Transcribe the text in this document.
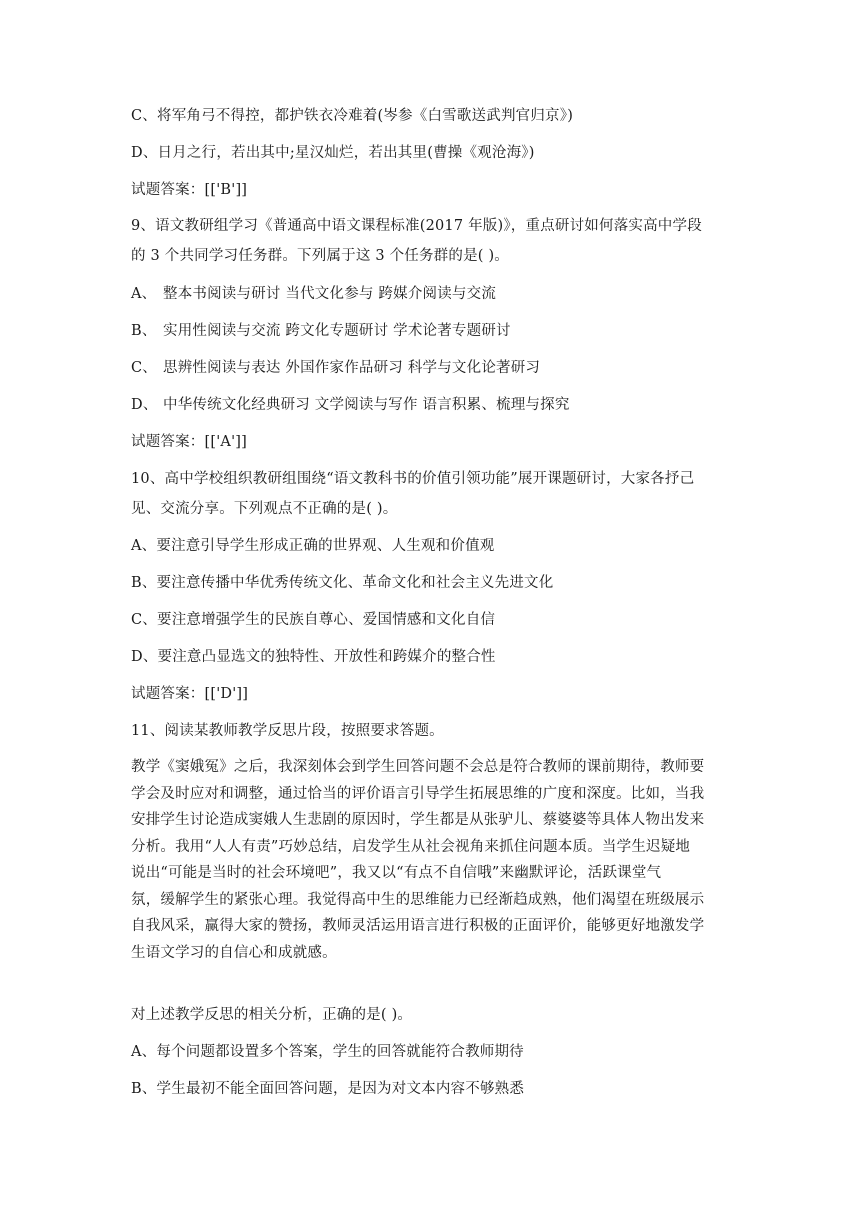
C、将军角弓不得控，都护铁衣冷难着(岑参《白雪歌送武判官归京》)
D、日月之行，若出其中;星汉灿烂，若出其里(曹操《观沧海》)
试题答案：[['B']]
9、语文教研组学习《普通高中语文课程标准(2017 年版)》，重点研讨如何落实高中学段
的 3 个共同学习任务群。下列属于这 3 个任务群的是( )。
A、 整本书阅读与研讨 当代文化参与 跨媒介阅读与交流
B、 实用性阅读与交流 跨文化专题研讨 学术论著专题研讨
C、 思辨性阅读与表达 外国作家作品研习 科学与文化论著研习
D、 中华传统文化经典研习 文学阅读与写作 语言积累、梳理与探究
试题答案：[['A']]
10、高中学校组织教研组围绕“语文教科书的价值引领功能”展开课题研讨，大家各抒己
见、交流分享。下列观点不正确的是( )。
A、要注意引导学生形成正确的世界观、人生观和价值观
B、要注意传播中华优秀传统文化、革命文化和社会主义先进文化
C、要注意增强学生的民族自尊心、爱国情感和文化自信
D、要注意凸显选文的独特性、开放性和跨媒介的整合性
试题答案：[['D']]
11、阅读某教师教学反思片段，按照要求答题。
教学《窦娥冤》之后，我深刻体会到学生回答问题不会总是符合教师的课前期待，教师要
学会及时应对和调整，通过恰当的评价语言引导学生拓展思维的广度和深度。比如，当我
安排学生讨论造成窦娥人生悲剧的原因时，学生都是从张驴儿、蔡婆婆等具体人物出发来
分析。我用“人人有责”巧妙总结，启发学生从社会视角来抓住问题本质。当学生迟疑地
说出“可能是当时的社会环境吧”，我又以“有点不自信哦”来幽默评论，活跃课堂气
氛，缓解学生的紧张心理。我觉得高中生的思维能力已经渐趋成熟，他们渴望在班级展示
自我风采，赢得大家的赞扬，教师灵活运用语言进行积极的正面评价，能够更好地激发学
生语文学习的自信心和成就感。
对上述教学反思的相关分析，正确的是( )。
A、每个问题都设置多个答案，学生的回答就能符合教师期待
B、学生最初不能全面回答问题，是因为对文本内容不够熟悉
